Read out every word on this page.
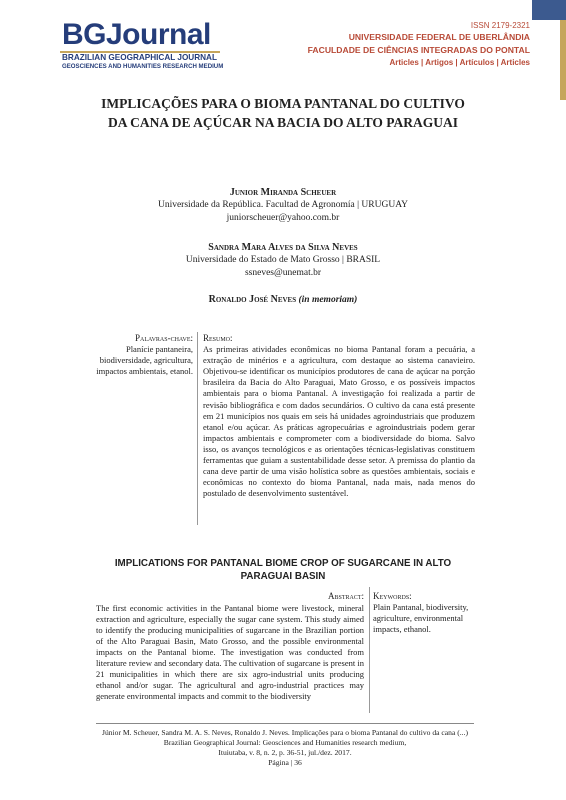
BGJournal
BRAZILIAN GEOGRAPHICAL JOURNAL
GEOSCIENCES AND HUMANITIES RESEARCH MEDIUM
ISSN 2179-2321
UNIVERSIDADE FEDERAL DE UBERLÂNDIA
FACULDADE DE CIÊNCIAS INTEGRADAS DO PONTAL
Articles | Artigos | Artículos | Articles
IMPLICAÇÕES PARA O BIOMA PANTANAL DO CULTIVO DA CANA DE AÇÚCAR NA BACIA DO ALTO PARAGUAI
Junior Miranda Scheuer
Universidade da República. Facultad de Agronomía | URUGUAY
juniorscheuer@yahoo.com.br
Sandra Mara Alves da Silva Neves
Universidade do Estado de Mato Grosso | BRASIL
ssneves@unemat.br
Ronaldo José Neves (in memoriam)
Palavras-chave:
Planície pantaneira, biodiversidade, agricultura, impactos ambientais, etanol.
Resumo:
As primeiras atividades econômicas no bioma Pantanal foram a pecuária, a extração de minérios e a agricultura, com destaque ao sistema canavieiro. Objetivou-se identificar os municípios produtores de cana de açúcar na porção brasileira da Bacia do Alto Paraguai, Mato Grosso, e os possíveis impactos ambientais para o bioma Pantanal. A investigação foi realizada a partir de revisão bibliográfica e com dados secundários. O cultivo da cana está presente em 21 municípios nos quais em seis há unidades agroindustriais que produzem etanol e/ou açúcar. As práticas agropecuárias e agroindustriais podem gerar impactos ambientais e comprometer com a biodiversidade do bioma. Salvo isso, os avanços tecnológicos e as orientações técnicas-legislativas constituem ferramentas que guiam a sustentabilidade desse setor. A premissa do plantio da cana deve partir de uma visão holística sobre as questões ambientais, sociais e econômicas no contexto do bioma Pantanal, nada mais, nada menos do postulado de desenvolvimento sustentável.
IMPLICATIONS FOR PANTANAL BIOME CROP OF SUGARCANE IN ALTO PARAGUAI BASIN
Abstract:
The first economic activities in the Pantanal biome were livestock, mineral extraction and agriculture, especially the sugar cane system. This study aimed to identify the producing municipalities of sugarcane in the Brazilian portion of the Alto Paraguai Basin, Mato Grosso, and the possible environmental impacts on the Pantanal biome. The investigation was conducted from literature review and secondary data. The cultivation of sugarcane is present in 21 municipalities in which there are six agro-industrial units producing ethanol and/or sugar. The agricultural and agro-industrial practices may generate environmental impacts and commit to the biodiversity
Keywords:
Plain Pantanal, biodiversity, agriculture, environmental impacts, ethanol.
Júnior M. Scheuer, Sandra M. A. S. Neves, Ronaldo J. Neves. Implicações para o bioma Pantanal do cultivo da cana (...)
Brazilian Geographical Journal: Geosciences and Humanities research medium,
Ituiutaba, v. 8, n. 2, p. 36-51, jul./dez. 2017.
Página | 36
